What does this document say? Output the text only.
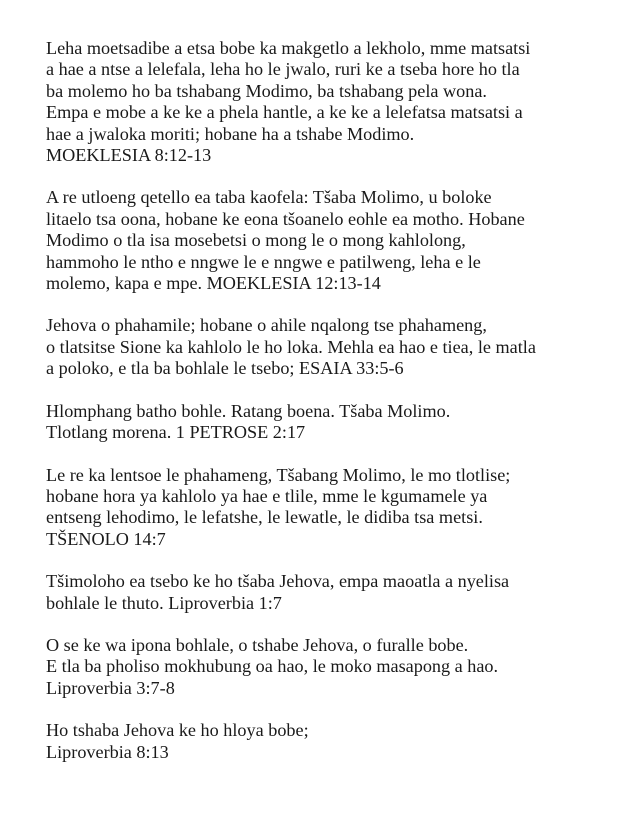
Leha moetsadibe a etsa bobe ka makgetlo a lekholo, mme matsatsi
a hae a ntse a lelefala, leha ho le jwalo, ruri ke a tseba hore ho tla
ba molemo ho ba tshabang Modimo, ba tshabang pela wona.
Empa e mobe a ke ke a phela hantle, a ke ke a lelefatsa matsatsi a
hae a jwaloka moriti; hobane ha a tshabe Modimo.
MOEKLESIA 8:12-13

A re utloeng qetello ea taba kaofela: Tšaba Molimo, u boloke
litaelo tsa oona, hobane ke eona tšoanelo eohle ea motho. Hobane
Modimo o tla isa mosebetsi o mong le o mong kahlolong,
hammoho le ntho e nngwe le e nngwe e patilweng, leha e le
molemo, kapa e mpe. MOEKLESIA 12:13-14

Jehova o phahamile; hobane o ahile nqalong tse phahameng,
o tlatsitse Sione ka kahlolo le ho loka. Mehla ea hao e tiea, le matla
a poloko, e tla ba bohlale le tsebo; ESAIA 33:5-6

Hlomphang batho bohle. Ratang boena. Tšaba Molimo.
Tlotlang morena. 1 PETROSE 2:17

Le re ka lentsoe le phahameng, Tšabang Molimo, le mo tlotlise;
hobane hora ya kahlolo ya hae e tlile, mme le kgumamele ya
entseng lehodimo, le lefatshe, le lewatle, le didiba tsa metsi.
TŠENOLO 14:7

Tšimoloho ea tsebo ke ho tšaba Jehova, empa maoatla a nyelisa
bohlale le thuto. Liproverbia 1:7

O se ke wa ipona bohlale, o tshabe Jehova, o furalle bobe.
E tla ba pholiso mokhubung oa hao, le moko masapong a hao.
Liproverbia 3:7-8

Ho tshaba Jehova ke ho hloya bobe;
Liproverbia 8:13
